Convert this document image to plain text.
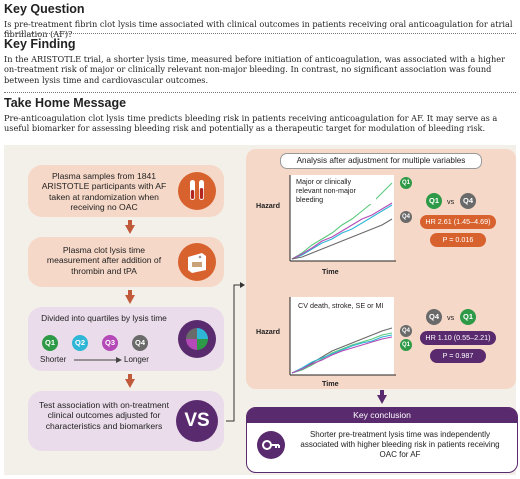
Key Question
Is pre-treatment fibrin clot lysis time associated with clinical outcomes in patients receiving oral anticoagulation for atrial fibrillation (AF)?
Key Finding
In the ARISTOTLE trial, a shorter lysis time, measured before initiation of anticoagulation, was associated with a higher on-treatment risk of major or clinically relevant non-major bleeding. In contrast, no significant association was found between lysis time and cardiovascular outcomes.
Take Home Message
Pre-anticoagulation clot lysis time predicts bleeding risk in patients receiving anticoagulation for AF. It may serve as a useful biomarker for assessing bleeding risk and potentially as a therapeutic target for modulation of bleeding risk.
Plasma samples from 1841 ARISTOTLE participants with AF taken at randomization when receiving no OAC
Plasma clot lysis time measurement after addition of thrombin and tPA
Divided into quartiles by lysis time
Q1	Q2	Q3	Q4
Shorter	Longer
Test association with on-treatment clinical outcomes adjusted for characteristics and biomarkers	VS
Analysis after adjustment for multiple variables
Hazard
Time
Major or clinically relevant non-major bleeding
Q1
Q4
Q1	vs	Q4
HR 2.61 (1.45–4.69)
P = 0.016
Hazard
Time
CV death, stroke, SE or MI
Q4
Q1
Q4	vs	Q1
HR 1.10 (0.55–2.21)
P = 0.987
Key conclusion
Shorter pre-treatment lysis time was independently associated with higher bleeding risk in patients receiving OAC for AF
